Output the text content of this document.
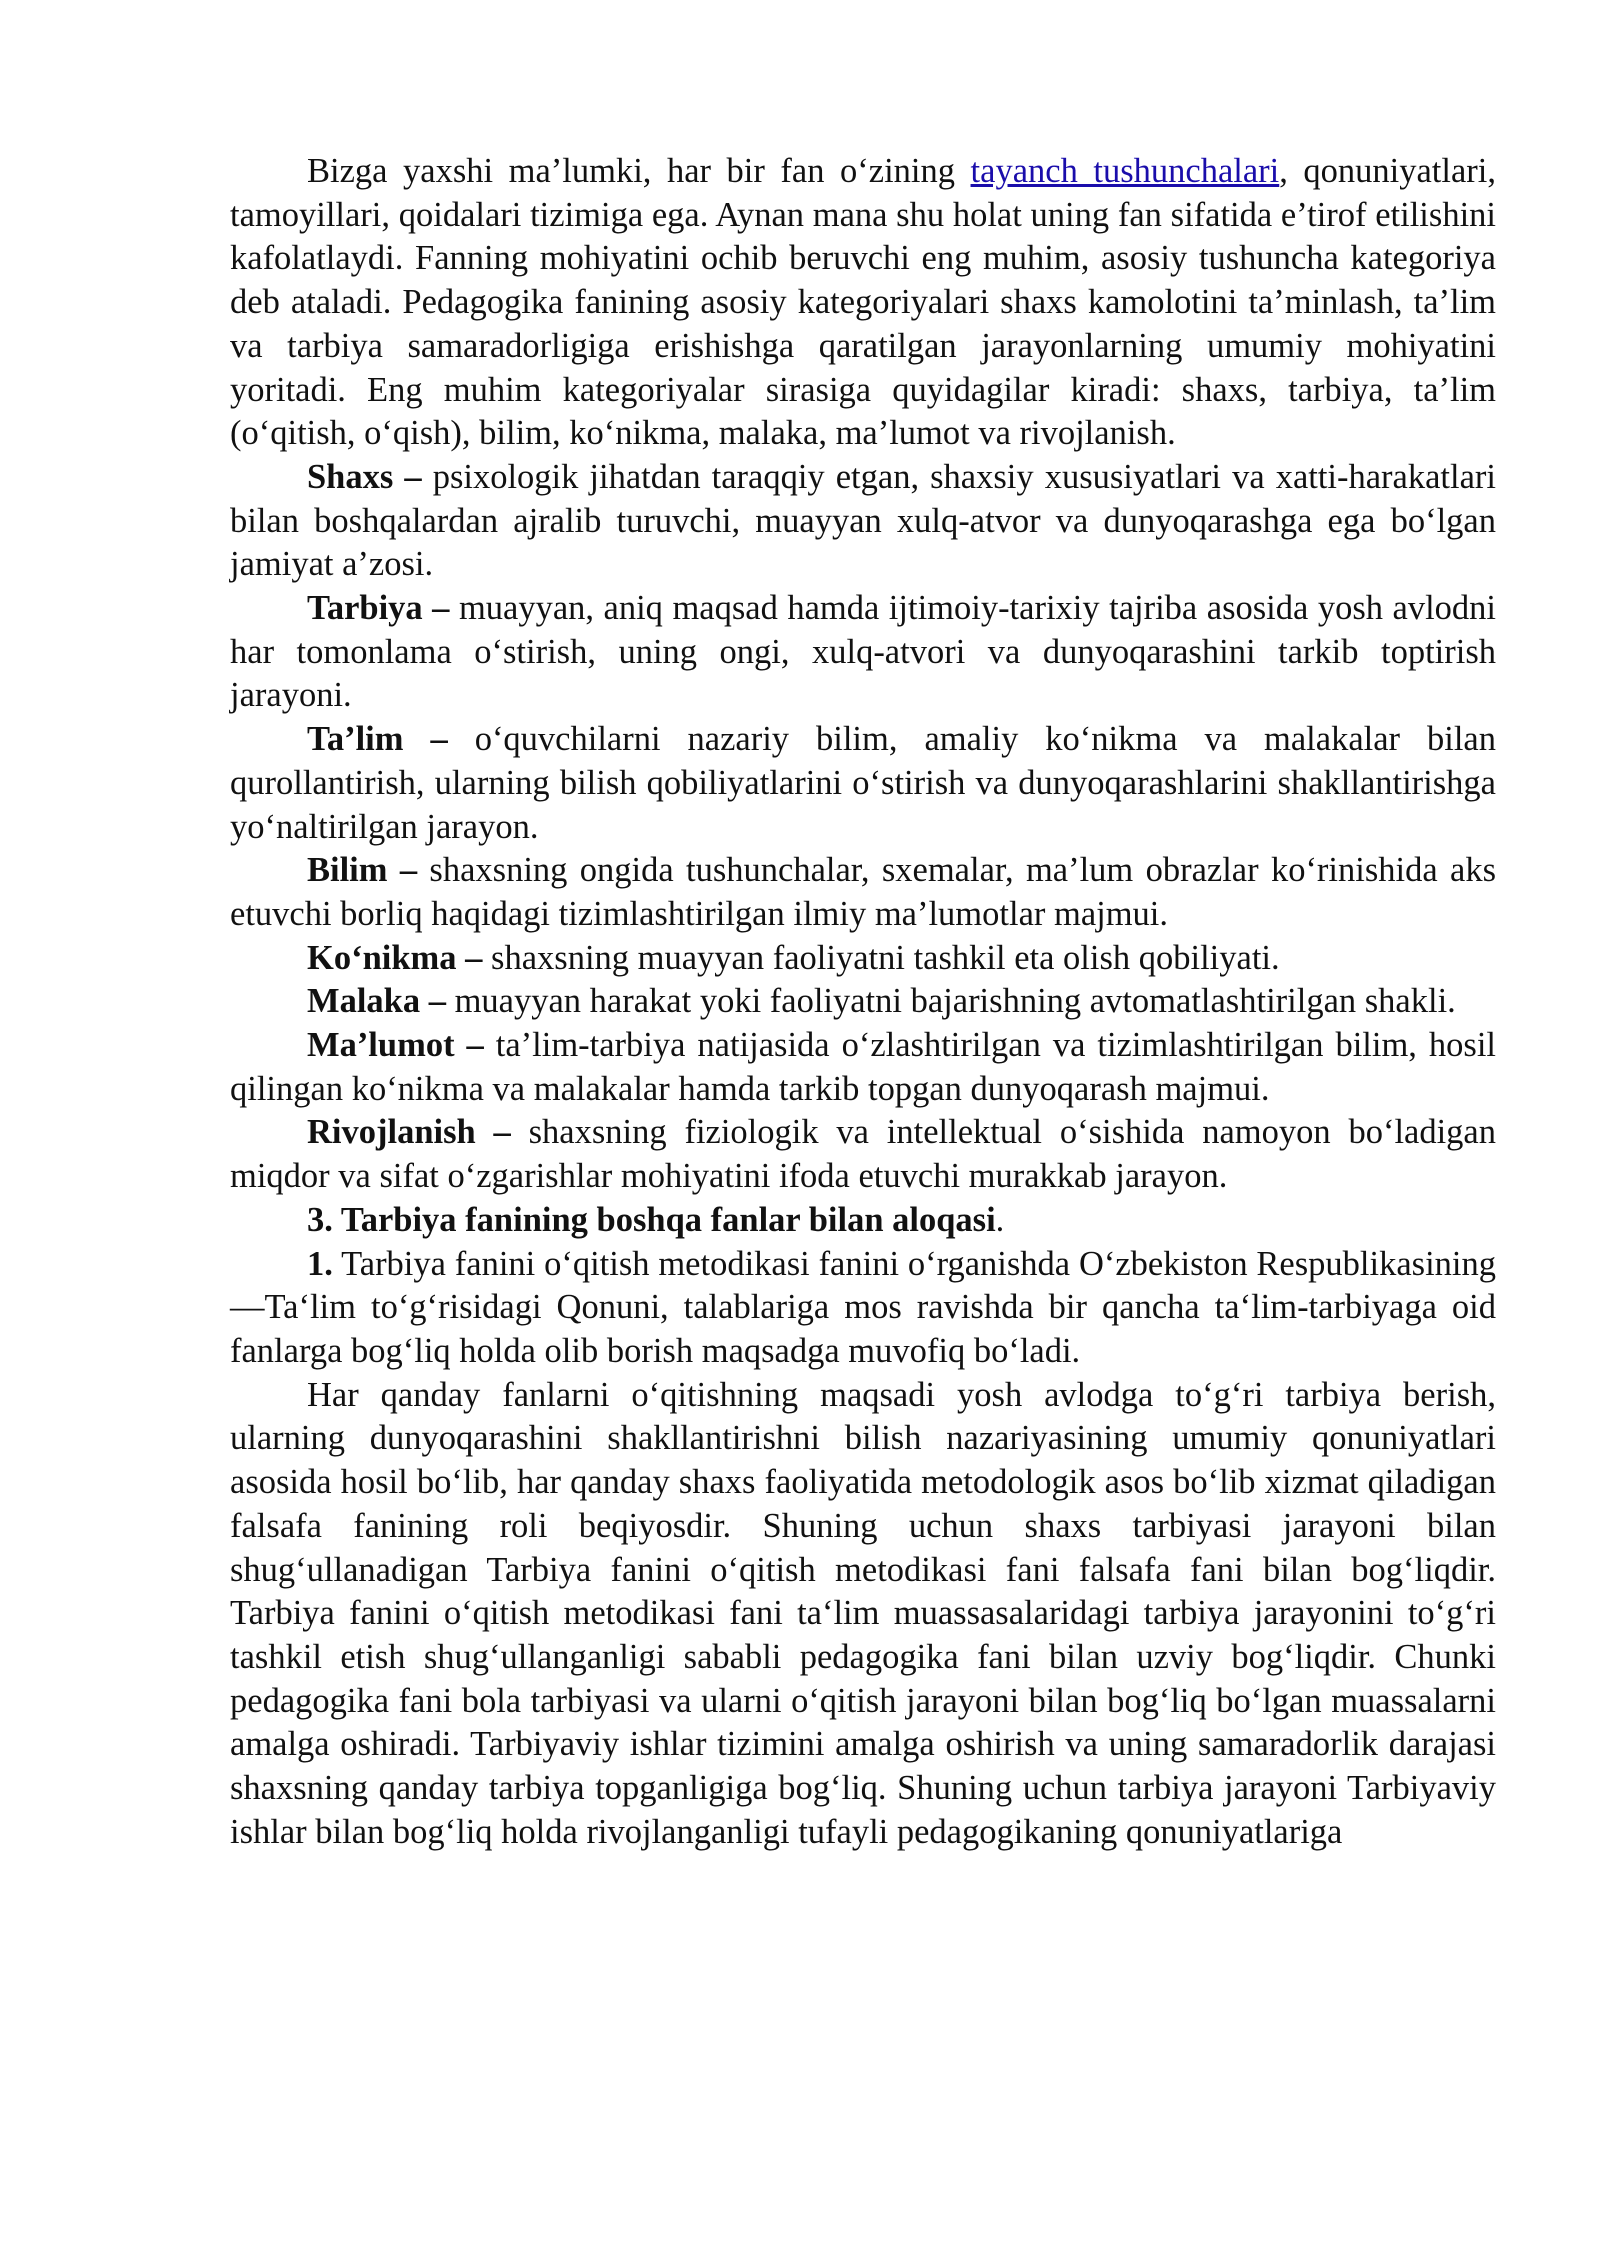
Bizga yaxshi ma’lumki, har bir fan o‘zining tayanch tushunchalari, qonuniyatlari, tamoyillari, qoidalari tizimiga ega. Aynan mana shu holat uning fan sifatida e’tirof etilishini kafolatlaydi. Fanning mohiyatini ochib beruvchi eng muhim, asosiy tushuncha kategoriya deb ataladi. Pedagogika fanining asosiy kategoriyalari shaxs kamolotini ta’minlash, ta’lim va tarbiya samaradorligiga erishishga qaratilgan jarayonlarning umumiy mohiyatini yoritadi. Eng muhim kategoriyalar sirasiga quyidagilar kiradi: shaxs, tarbiya, ta’lim (o‘qitish, o‘qish), bilim, ko‘nikma, malaka, ma’lumot va rivojlanish.

Shaxs – psixologik jihatdan taraqqiy etgan, shaxsiy xususiyatlari va xatti-harakatlari bilan boshqalardan ajralib turuvchi, muayyan xulq-atvor va dunyoqarashga ega bo‘lgan jamiyat a’zosi.

Tarbiya – muayyan, aniq maqsad hamda ijtimoiy-tarixiy tajriba asosida yosh avlodni har tomonlama o‘stirish, uning ongi, xulq-atvori va dunyoqarashini tarkib toptirish jarayoni.

Ta’lim – o‘quvchilarni nazariy bilim, amaliy ko‘nikma va malakalar bilan qurollantirish, ularning bilish qobiliyatlarini o‘stirish va dunyoqarashlarini shakllantirishga yo‘naltirilgan jarayon.

Bilim – shaxsning ongida tushunchalar, sxemalar, ma’lum obrazlar ko‘rinishida aks etuvchi borliq haqidagi tizimlashtirilgan ilmiy ma’lumotlar majmui.

Ko‘nikma – shaxsning muayyan faoliyatni tashkil eta olish qobiliyati.

Malaka – muayyan harakat yoki faoliyatni bajarishning avtomatlashtirilgan shakli.

Ma’lumot – ta’lim-tarbiya natijasida o‘zlashtirilgan va tizimlashtirilgan bilim, hosil qilingan ko‘nikma va malakalar hamda tarkib topgan dunyoqarash majmui.

Rivojlanish – shaxsning fiziologik va intellektual o‘sishida namoyon bo‘ladigan miqdor va sifat o‘zgarishlar mohiyatini ifoda etuvchi murakkab jarayon.

3. Tarbiya fanining boshqa fanlar bilan aloqasi.

1. Tarbiya fanini o‘qitish metodikasi fanini o‘rganishda O‘zbekiston Respublikasining ―Ta‘lim to‘g‘risidagi Qonuni, talablariga mos ravishda bir qancha ta‘lim-tarbiyaga oid fanlarga bog‘liq holda olib borish maqsadga muvofiq bo‘ladi.

Har qanday fanlarni o‘qitishning maqsadi yosh avlodga to‘g‘ri tarbiya berish, ularning dunyoqarashini shakllantirishni bilish nazariyasining umumiy qonuniyatlari asosida hosil bo‘lib, har qanday shaxs faoliyatida metodologik asos bo‘lib xizmat qiladigan falsafa fanining roli beqiyosdir. Shuning uchun shaxs tarbiyasi jarayoni bilan shug‘ullanadigan Tarbiya fanini o‘qitish metodikasi fani falsafa fani bilan bog‘liqdir. Tarbiya fanini o‘qitish metodikasi fani ta‘lim muassasalaridagi tarbiya jarayonini to‘g‘ri tashkil etish shug‘ullanganligi sababli pedagogika fani bilan uzviy bog‘liqdir. Chunki pedagogika fani bola tarbiyasi va ularni o‘qitish jarayoni bilan bog‘liq bo‘lgan muassalarni amalga oshiradi. Tarbiyaviy ishlar tizimini amalga oshirish va uning samaradorlik darajasi shaxsning qanday tarbiya topganligiga bog‘liq. Shuning uchun tarbiya jarayoni Tarbiyaviy ishlar bilan bog‘liq holda rivojlanganligi tufayli pedagogikaning qonuniyatlariga
